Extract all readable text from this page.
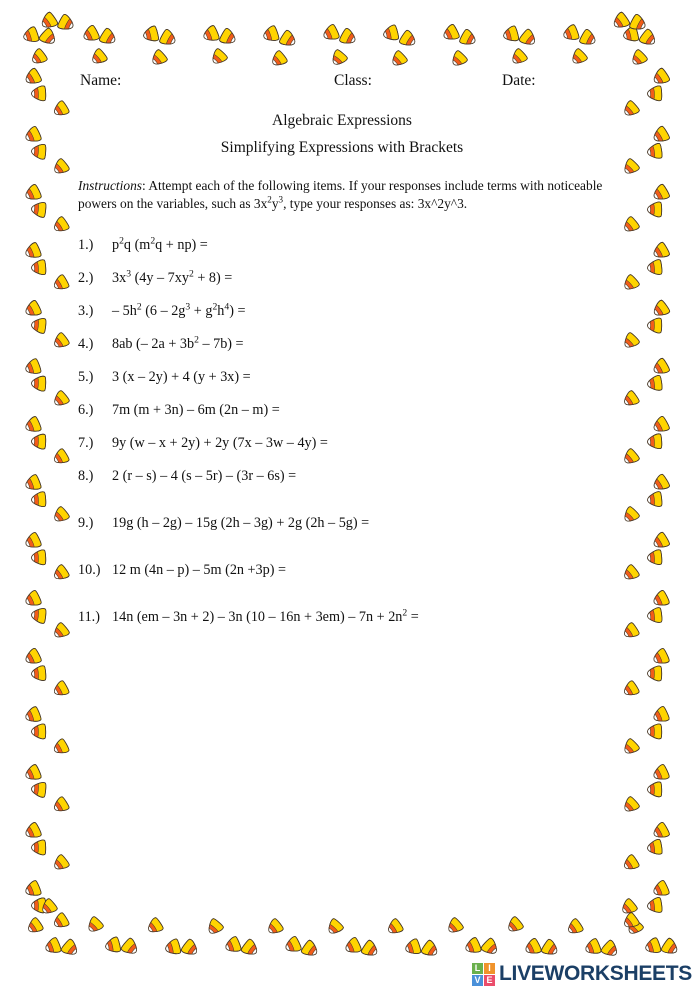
Name:	Class:	Date:
Algebraic Expressions
Simplifying Expressions with Brackets
Instructions: Attempt each of the following items. If your responses include terms with noticeable powers on the variables, such as $3x^2y^3$, type your responses as: 3x^2y^3.
1.)	$p^2q$ $(m^2q + np)$ =
2.)	$3x^3$ $(4y - 7xy^2 + 8)$ =
3.)	– $5h^2$ $(6 - 2g^3 + g^2h^4)$ =
4.)	8ab (– $2a + 3b^2 - 7b$) =
5.)	3 (x – 2y) + 4 (y + 3x) =
6.)	7m (m + 3n) – 6m (2n – m) =
7.)	9y (w – x + 2y) + 2y (7x – 3w – 4y) =
8.)	2 (r – s) – 4 (s – 5r) – (3r – 6s) =
9.)	19g (h – 2g) – 15g (2h – 3g) + 2g (2h – 5g) =
10.) 12 m (4n – p) – 5m (2n +3p) =
11.) 14n (em – 3n + 2) – 3n $(10 - 16n + 3em) - 7n + 2n^2$ =
L I
V E LIVEWORKSHEETS
